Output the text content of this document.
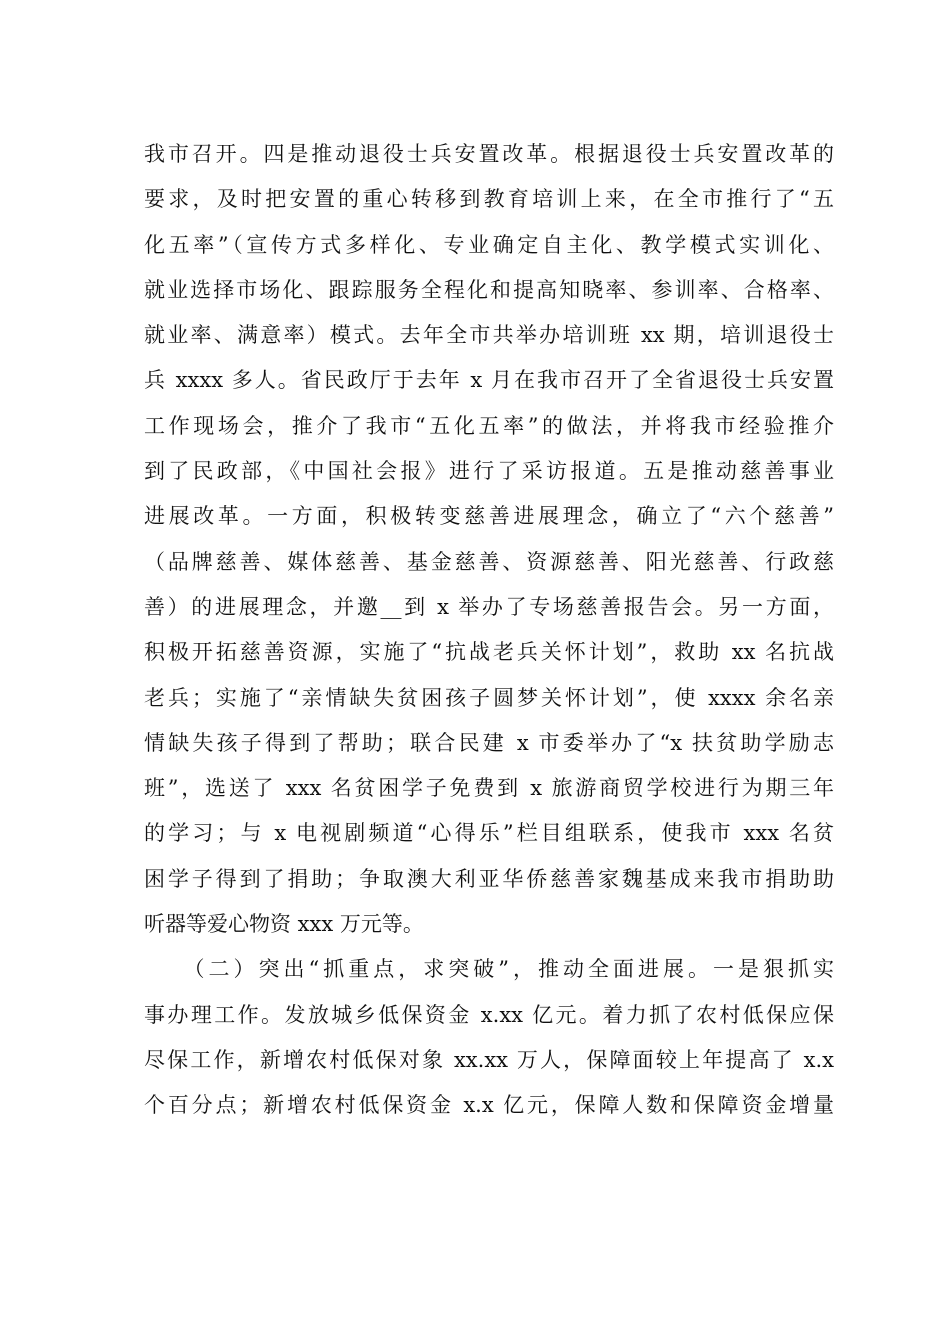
我市召开。四是推动退役士兵安置改革。根据退役士兵安置改革的
要求，及时把安置的重心转移到教育培训上来，在全市推行了“五
化五率”（宣传方式多样化、专业确定自主化、教学模式实训化、
就业选择市场化、跟踪服务全程化和提高知晓率、参训率、合格率、
就业率、满意率）模式。去年全市共举办培训班 xx 期，培训退役士
兵 xxxx 多人。省民政厅于去年 x 月在我市召开了全省退役士兵安置
工作现场会，推介了我市“五化五率”的做法，并将我市经验推介
到了民政部，《中国社会报》进行了采访报道。五是推动慈善事业
进展改革。一方面，积极转变慈善进展理念，确立了“六个慈善”
（品牌慈善、媒体慈善、基金慈善、资源慈善、阳光慈善、行政慈
善）的进展理念，并邀__到 x 举办了专场慈善报告会。另一方面，
积极开拓慈善资源，实施了“抗战老兵关怀计划”，救助 xx 名抗战
老兵；实施了“亲情缺失贫困孩子圆梦关怀计划”，使 xxxx 余名亲
情缺失孩子得到了帮助；联合民建 x 市委举办了“x 扶贫助学励志
班”，选送了 xxx 名贫困学子免费到 x 旅游商贸学校进行为期三年
的学习；与 x 电视剧频道“心得乐”栏目组联系，使我市 xxx 名贫
困学子得到了捐助；争取澳大利亚华侨慈善家魏基成来我市捐助助
听器等爱心物资 xxx 万元等。
　　（二）突出“抓重点，求突破”，推动全面进展。一是狠抓实
事办理工作。发放城乡低保资金 x.xx 亿元。着力抓了农村低保应保
尽保工作，新增农村低保对象 xx.xx 万人，保障面较上年提高了 x.x
个百分点；新增农村低保资金 x.x 亿元，保障人数和保障资金增量
